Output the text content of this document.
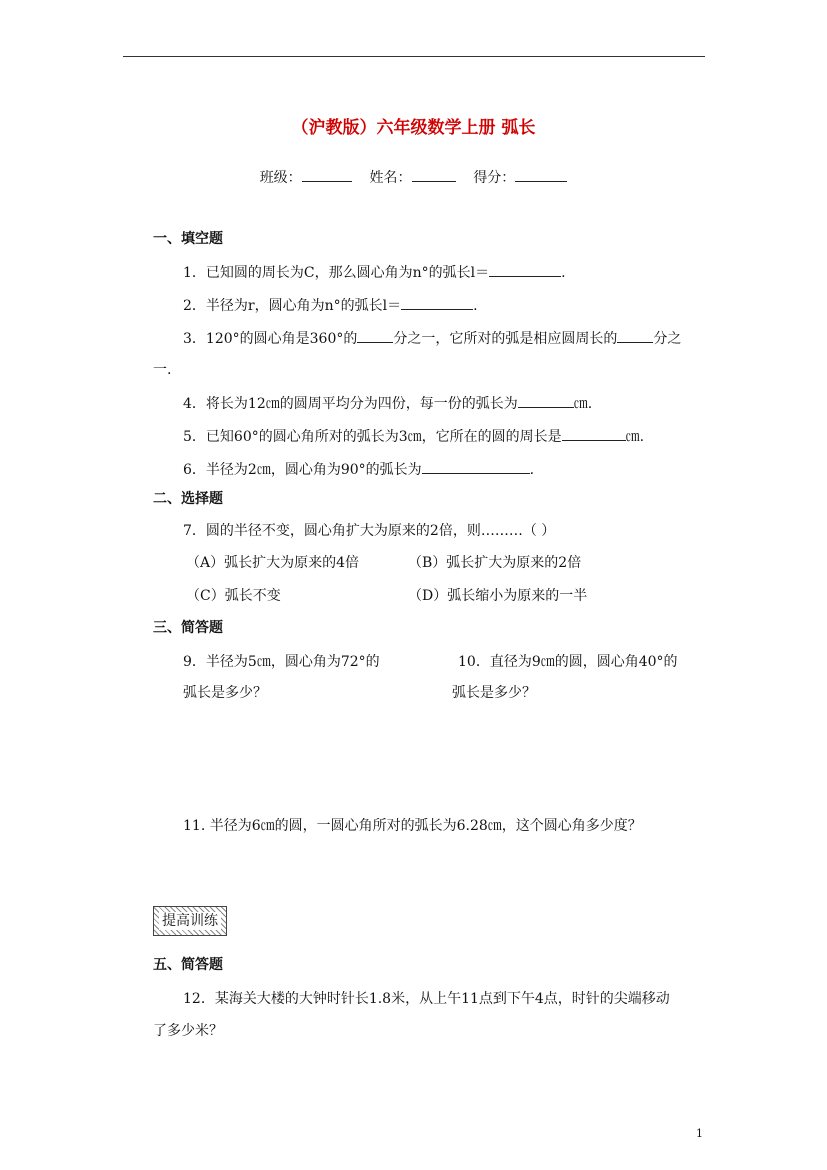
（沪教版）六年级数学上册 弧长
班级：	姓名：	得分：
一、填空题
1．已知圆的周长为C，那么圆心角为n°的弧长l＝	.
2．半径为r，圆心角为n°的弧长l＝	.
3．120°的圆心角是360°的	分之一，它所对的弧是相应圆周长的	分之
一.
4．将长为12㎝的圆周平均分为四份，每一份的弧长为	㎝.
5．已知60°的圆心角所对的弧长为3㎝，它所在的圆的周长是	㎝.
6．半径为2㎝，圆心角为90°的弧长为	.
二、选择题
7．圆的半径不变，圆心角扩大为原来的2倍，则………（ ）
（A）弧长扩大为原来的4倍	（B）弧长扩大为原来的2倍
（C）弧长不变	（D）弧长缩小为原来的一半
三、简答题
9．半径为5㎝，圆心角为72°的
弧长是多少？
10．直径为9㎝的圆，圆心角40°的
弧长是多少？
11. 半径为6㎝的圆，一圆心角所对的弧长为6.28㎝，这个圆心角多少度？
提高训练
五、简答题
12．某海关大楼的大钟时针长1.8米，从上午11点到下午4点，时针的尖端移动
了多少米？
1
